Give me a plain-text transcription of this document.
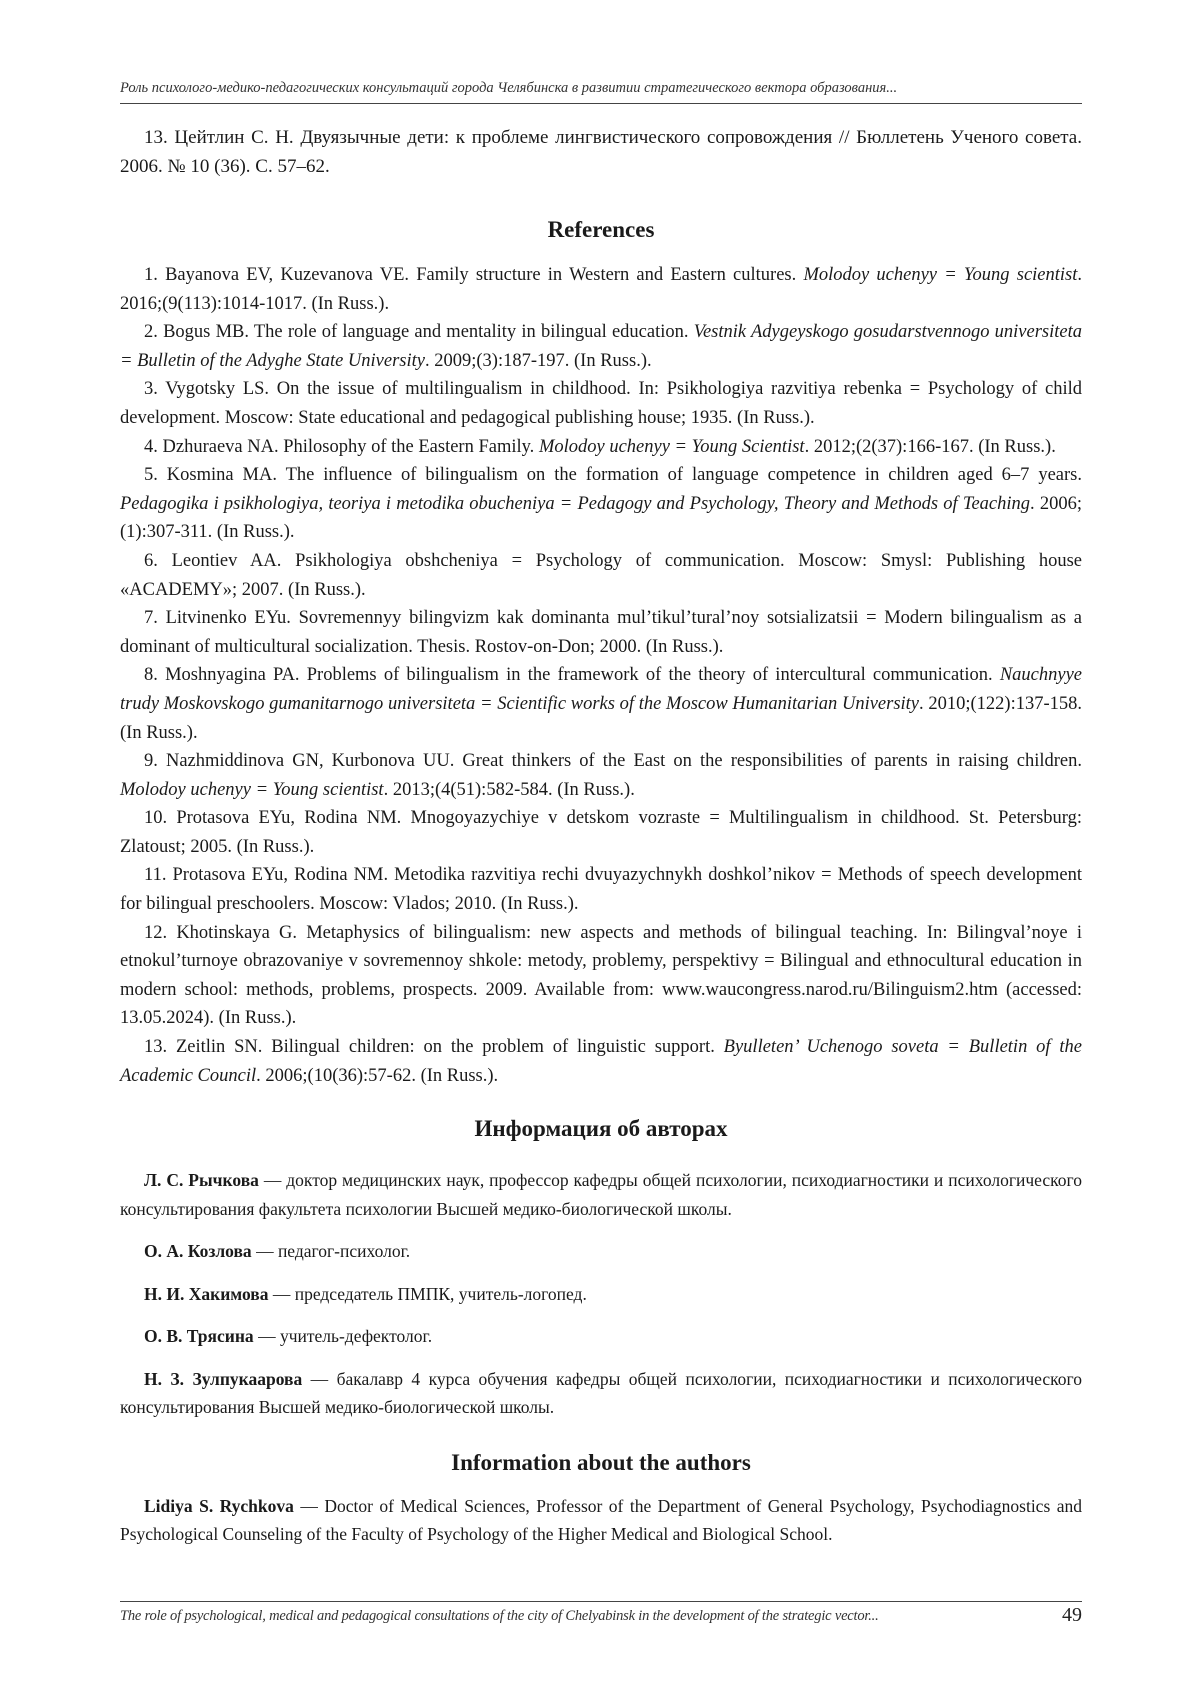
Роль психолого-медико-педагогических консультаций города Челябинска в развитии стратегического вектора образования...

13. Цейтлин С. Н. Двуязычные дети: к проблеме лингвистического сопровождения // Бюллетень Ученого совета. 2006. № 10 (36). С. 57–62.

References

1. Bayanova EV, Kuzevanova VE. Family structure in Western and Eastern cultures. Molodoy uchenyy = Young scientist. 2016;(9(113):1014-1017. (In Russ.).

2. Bogus MB. The role of language and mentality in bilingual education. Vestnik Adygeyskogo gosudarstvennogo universiteta = Bulletin of the Adyghe State University. 2009;(3):187-197. (In Russ.).

3. Vygotsky LS. On the issue of multilingualism in childhood. In: Psikhologiya razvitiya rebenka = Psychology of child development. Moscow: State educational and pedagogical publishing house; 1935. (In Russ.).

4. Dzhuraeva NA. Philosophy of the Eastern Family. Molodoy uchenyy = Young Scientist. 2012;(2(37):166-167. (In Russ.).

5. Kosmina MA. The influence of bilingualism on the formation of language competence in children aged 6–7 years. Pedagogika i psikhologiya, teoriya i metodika obucheniya = Pedagogy and Psychology, Theory and Methods of Teaching. 2006;(1):307-311. (In Russ.).

6. Leontiev AA. Psikhologiya obshcheniya = Psychology of communication. Moscow: Smysl: Publishing house «ACADEMY»; 2007. (In Russ.).

7. Litvinenko EYu. Sovremennyy bilingvizm kak dominanta mul’tikul’tural’noy sotsializatsii = Modern bilingualism as a dominant of multicultural socialization. Thesis. Rostov-on-Don; 2000. (In Russ.).

8. Moshnyagina PA. Problems of bilingualism in the framework of the theory of intercultural communication. Nauchnyye trudy Moskovskogo gumanitarnogo universiteta = Scientific works of the Moscow Humanitarian University. 2010;(122):137-158. (In Russ.).

9. Nazhmiddinova GN, Kurbonova UU. Great thinkers of the East on the responsibilities of parents in raising children. Molodoy uchenyy = Young scientist. 2013;(4(51):582-584. (In Russ.).

10. Protasova EYu, Rodina NM. Mnogoyazychiye v detskom vozraste = Multilingualism in childhood. St. Petersburg: Zlatoust; 2005. (In Russ.).

11. Protasova EYu, Rodina NM. Metodika razvitiya rechi dvuyazychnykh doshkol’nikov = Methods of speech development for bilingual preschoolers. Moscow: Vlados; 2010. (In Russ.).

12. Khotinskaya G. Metaphysics of bilingualism: new aspects and methods of bilingual teaching. In: Bilingval’noye i etnokul’turnoye obrazovaniye v sovremennoy shkole: metody, problemy, perspektivy = Bilingual and ethnocultural education in modern school: methods, problems, prospects. 2009. Available from: www.waucongress.narod.ru/Bilinguism2.htm (accessed: 13.05.2024). (In Russ.).

13. Zeitlin SN. Bilingual children: on the problem of linguistic support. Byulleten’ Uchenogo soveta = Bulletin of the Academic Council. 2006;(10(36):57-62. (In Russ.).

Информация об авторах

Л. С. Рычкова — доктор медицинских наук, профессор кафедры общей психологии, психодиагностики и психологического консультирования факультета психологии Высшей медико-биологической школы.

О. А. Козлова — педагог-психолог.

Н. И. Хакимова — председатель ПМПК, учитель-логопед.

О. В. Трясина — учитель-дефектолог.

Н. З. Зулпукаарова — бакалавр 4 курса обучения кафедры общей психологии, психодиагностики и психологического консультирования Высшей медико-биологической школы.

Information about the authors

Lidiya S. Rychkova — Doctor of Medical Sciences, Professor of the Department of General Psychology, Psychodiagnostics and Psychological Counseling of the Faculty of Psychology of the Higher Medical and Biological School.

The role of psychological, medical and pedagogical consultations of the city of Chelyabinsk in the development of the strategic vector...	49
